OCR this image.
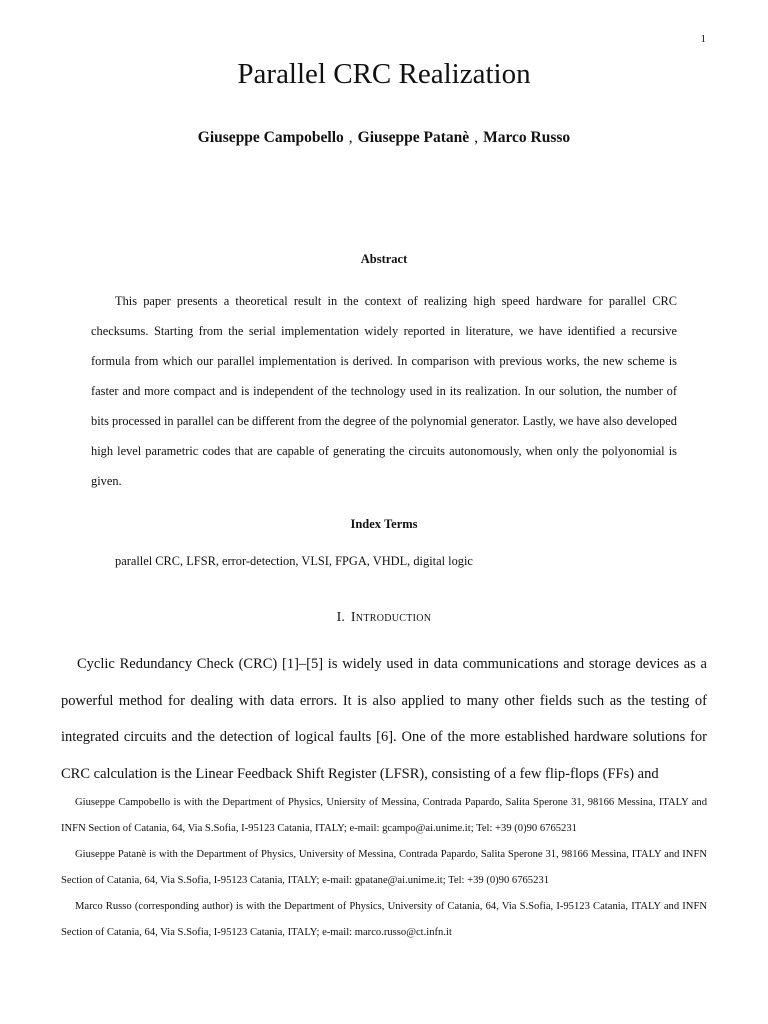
1
Parallel CRC Realization
Giuseppe Campobello , Giuseppe Patanè , Marco Russo
Abstract

This paper presents a theoretical result in the context of realizing high speed hardware for parallel CRC checksums. Starting from the serial implementation widely reported in literature, we have identified a recursive formula from which our parallel implementation is derived. In comparison with previous works, the new scheme is faster and more compact and is independent of the technology used in its realization. In our solution, the number of bits processed in parallel can be different from the degree of the polynomial generator. Lastly, we have also developed high level parametric codes that are capable of generating the circuits autonomously, when only the polyonomial is given.

Index Terms

parallel CRC, LFSR, error-detection, VLSI, FPGA, VHDL, digital logic

I. Introduction

Cyclic Redundancy Check (CRC) [1]–[5] is widely used in data communications and storage devices as a powerful method for dealing with data errors. It is also applied to many other fields such as the testing of integrated circuits and the detection of logical faults [6]. One of the more established hardware solutions for CRC calculation is the Linear Feedback Shift Register (LFSR), consisting of a few flip-flops (FFs) and

Giuseppe Campobello is with the Department of Physics, Uniersity of Messina, Contrada Papardo, Salita Sperone 31, 98166 Messina, ITALY and INFN Section of Catania, 64, Via S.Sofia, I-95123 Catania, ITALY; e-mail: gcampo@ai.unime.it; Tel: +39 (0)90 6765231

Giuseppe Patanè is with the Department of Physics, University of Messina, Contrada Papardo, Salita Sperone 31, 98166 Messina, ITALY and INFN Section of Catania, 64, Via S.Sofia, I-95123 Catania, ITALY; e-mail: gpatane@ai.unime.it; Tel: +39 (0)90 6765231

Marco Russo (corresponding author) is with the Department of Physics, University of Catania, 64, Via S.Sofia, I-95123 Catania, ITALY and INFN Section of Catania, 64, Via S.Sofia, I-95123 Catania, ITALY; e-mail: marco.russo@ct.infn.it
